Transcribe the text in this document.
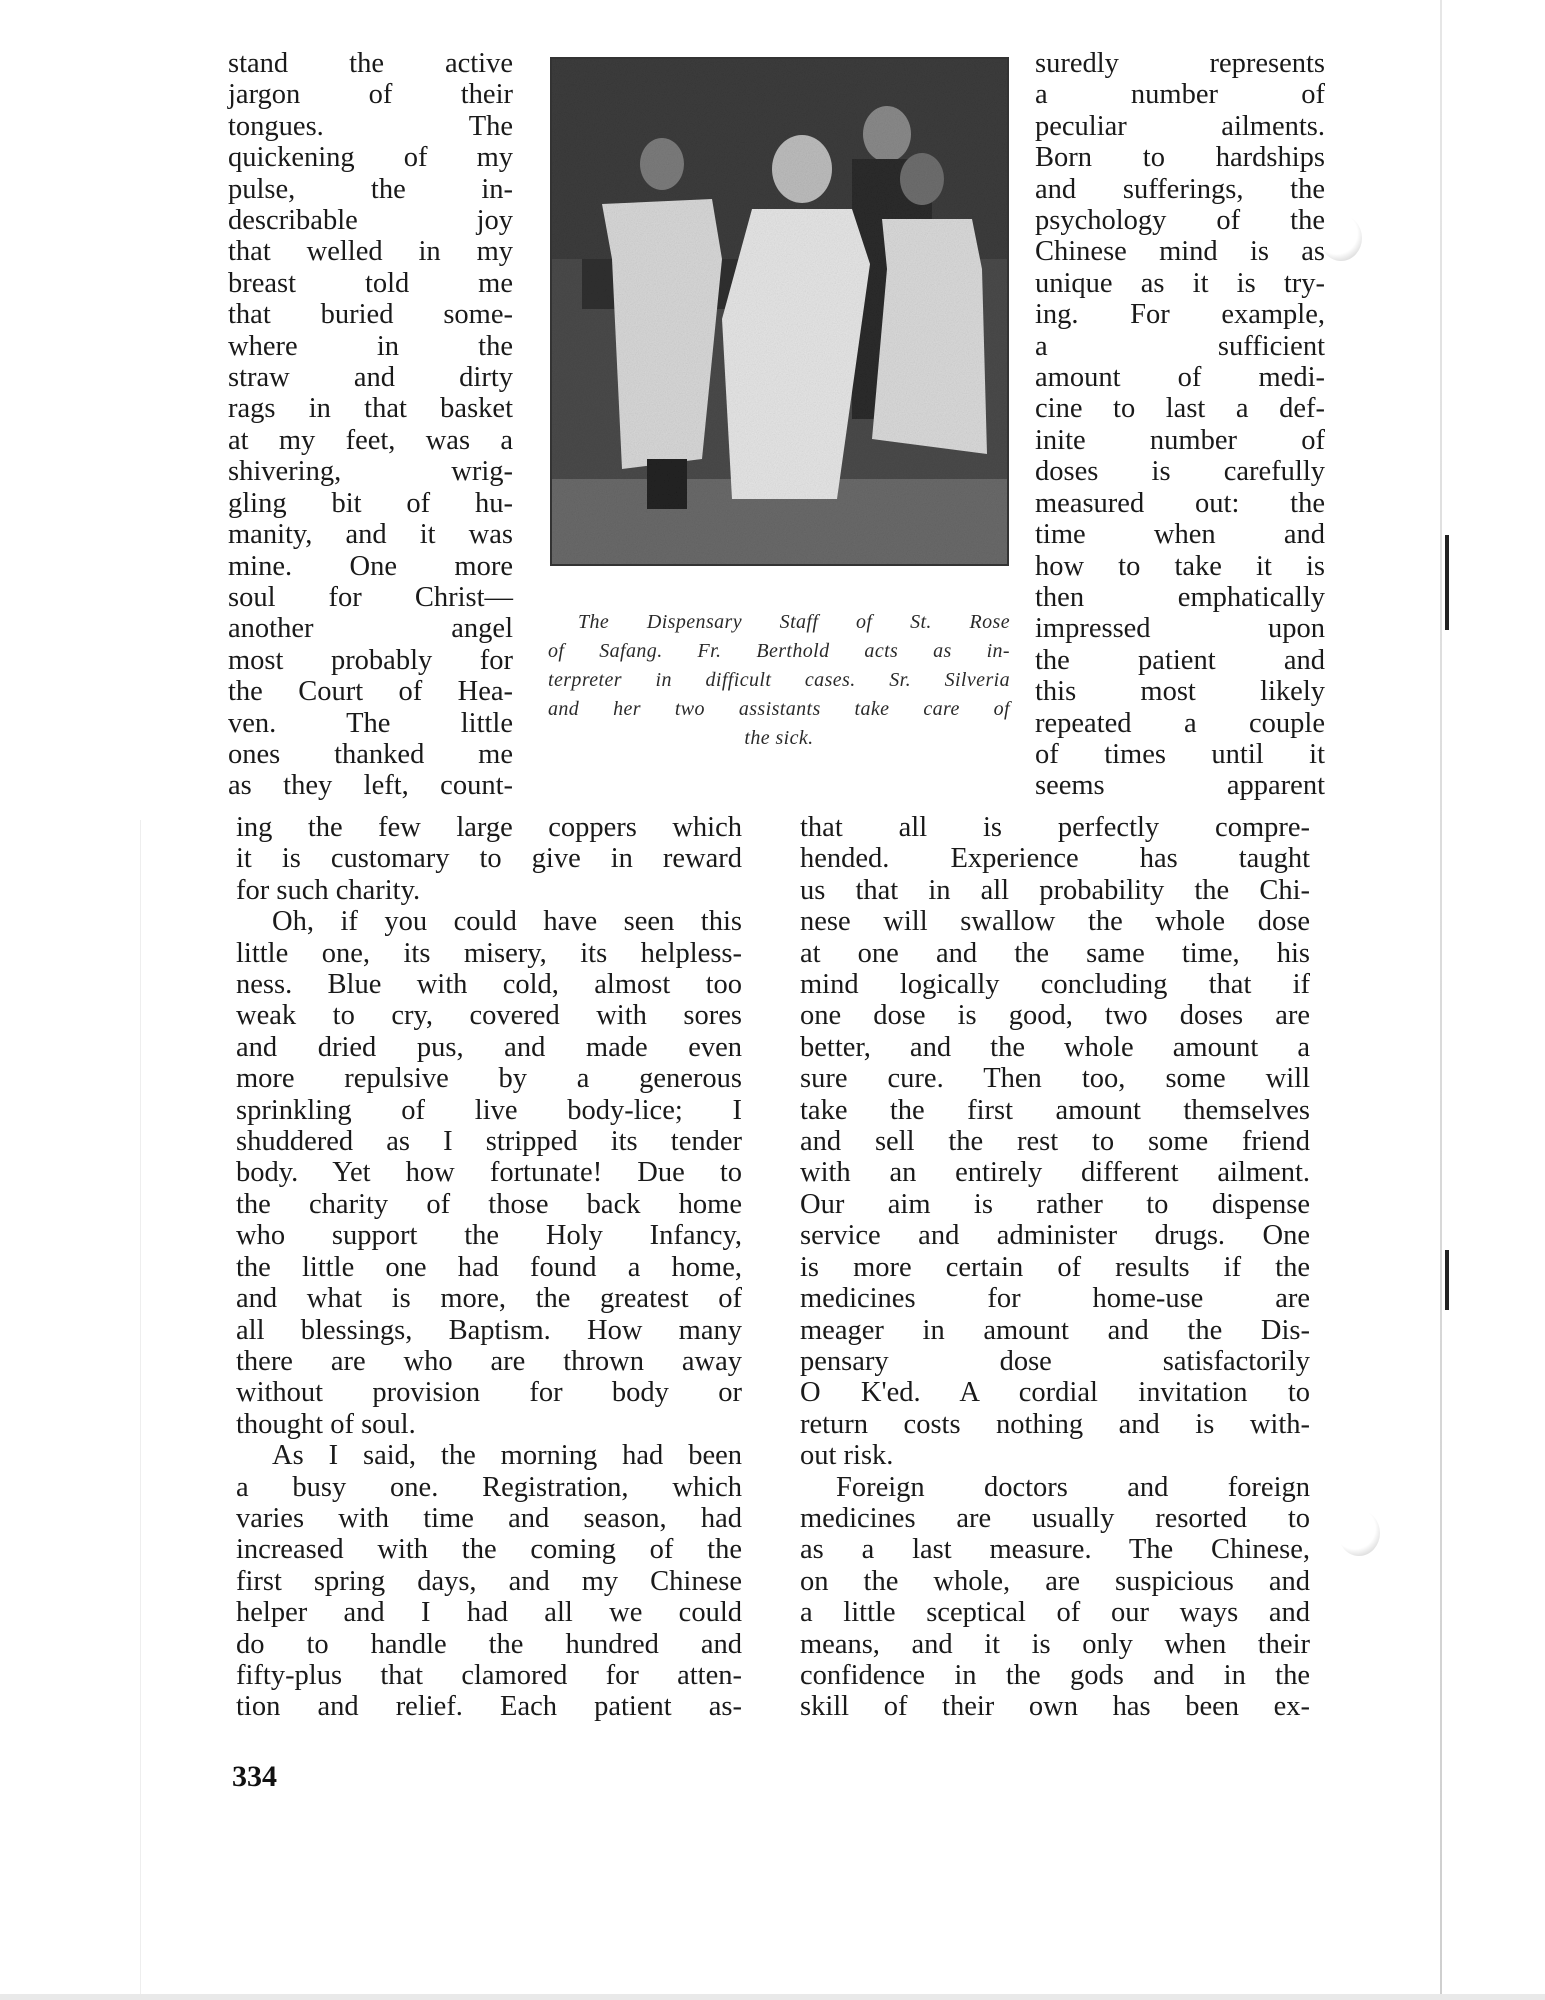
stand the active
jargon of their
tongues. The
quickening of my
pulse, the in-
describable joy
that welled in my
breast told me
that buried some-
where in the
straw and dirty
rags in that basket
at my feet, was a
shivering, wrig-
gling bit of hu-
manity, and it was
mine. One more
soul for Christ—
another angel
most probably for
the Court of Hea-
ven. The little
ones thanked me
as they left, count-
The Dispensary Staff of St. Rose
of Safang. Fr. Berthold acts as in-
terpreter in difficult cases. Sr. Silveria
and her two assistants take care of
the sick.
suredly represents
a number of
peculiar ailments.
Born to hardships
and sufferings, the
psychology of the
Chinese mind is as
unique as it is try-
ing. For example,
a sufficient
amount of medi-
cine to last a def-
inite number of
doses is carefully
measured out: the
time when and
how to take it is
then emphatically
impressed upon
the patient and
this most likely
repeated a couple
of times until it
seems apparent
ing the few large coppers which
it is customary to give in reward
for such charity.
Oh, if you could have seen this
little one, its misery, its helpless-
ness. Blue with cold, almost too
weak to cry, covered with sores
and dried pus, and made even
more repulsive by a generous
sprinkling of live body-lice; I
shuddered as I stripped its tender
body. Yet how fortunate! Due to
the charity of those back home
who support the Holy Infancy,
the little one had found a home,
and what is more, the greatest of
all blessings, Baptism. How many
there are who are thrown away
without provision for body or
thought of soul.
As I said, the morning had been
a busy one. Registration, which
varies with time and season, had
increased with the coming of the
first spring days, and my Chinese
helper and I had all we could
do to handle the hundred and
fifty-plus that clamored for atten-
tion and relief. Each patient as-
that all is perfectly compre-
hended. Experience has taught
us that in all probability the Chi-
nese will swallow the whole dose
at one and the same time, his
mind logically concluding that if
one dose is good, two doses are
better, and the whole amount a
sure cure. Then too, some will
take the first amount themselves
and sell the rest to some friend
with an entirely different ailment.
Our aim is rather to dispense
service and administer drugs. One
is more certain of results if the
medicines for home-use are
meager in amount and the Dis-
pensary dose satisfactorily
O K'ed. A cordial invitation to
return costs nothing and is with-
out risk.
Foreign doctors and foreign
medicines are usually resorted to
as a last measure. The Chinese,
on the whole, are suspicious and
a little sceptical of our ways and
means, and it is only when their
confidence in the gods and in the
skill of their own has been ex-
334
